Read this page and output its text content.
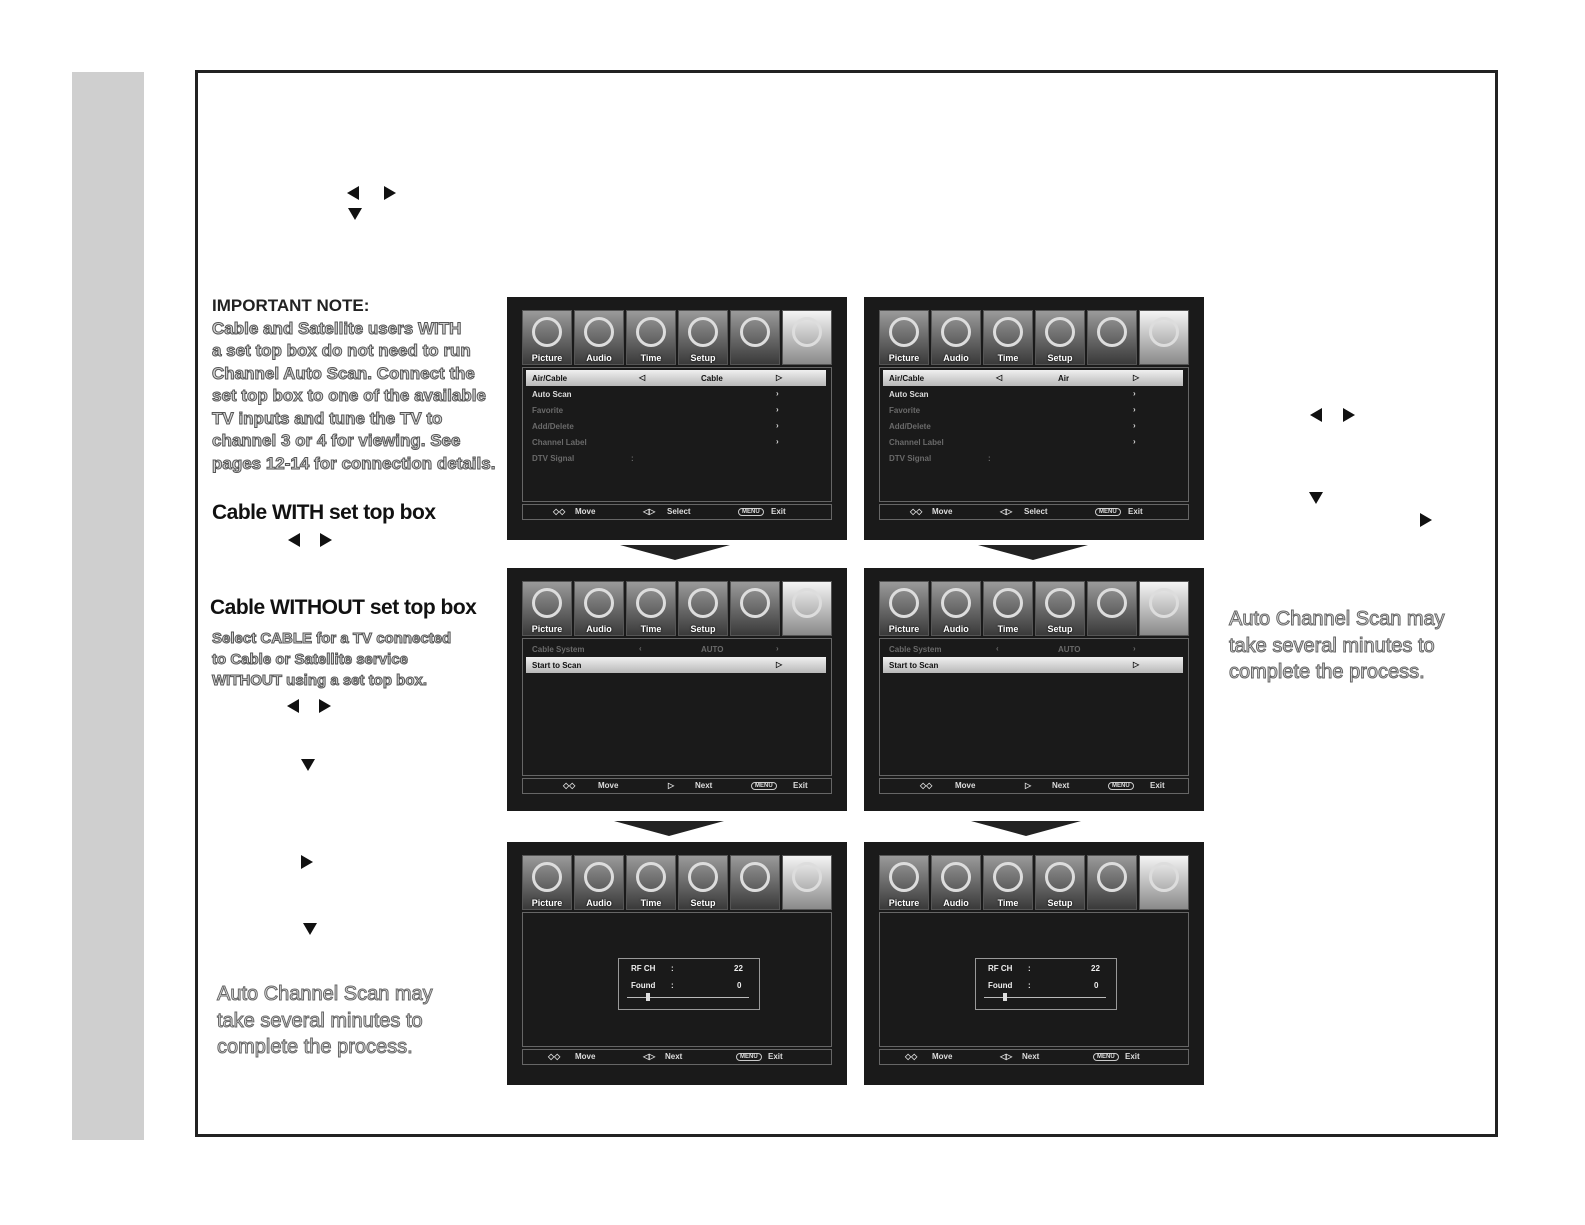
IMPORTANT NOTE:
Cable and Satellite users WITH
a set top box do not need to run
Channel Auto Scan. Connect the
set top box to one of the available
TV inputs and tune the TV to
channel 3 or 4 for viewing. See
pages 12-14 for connection details.
Cable WITH set top box
Cable WITHOUT set top box
Select CABLE for a TV connected
to Cable or Satellite service
WITHOUT using a set top box.
Auto Channel Scan may
take several minutes to
complete the process.
Auto Channel Scan may
take several minutes to
complete the process.
Picture	Audio	Time	Setup
Air/Cable	◁	Cable	▷
Auto Scan	›
Favorite	›
Add/Delete	›
Channel Label	›
DTV Signal	:
◇◇ Move	◁▷ Select	MENU	Exit
Picture	Audio	Time	Setup
Air/Cable	◁	Air	▷
Auto Scan	›
Favorite	›
Add/Delete	›
Channel Label	›
DTV Signal	:
◇◇ Move	◁▷ Select	MENU	Exit
Picture	Audio	Time	Setup
Cable System	‹	AUTO	›
Start to Scan	▷
◇◇	Move	▷	Next	MENU	Exit
Picture	Audio	Time	Setup
Cable System	‹	AUTO	›
Start to Scan	▷
◇◇	Move	▷	Next	MENU	Exit
Picture	Audio	Time	Setup
RF CH :	22
Found :	0
◇◇ Move	◁▷ Next	MENU	Exit
Picture	Audio	Time	Setup
RF CH :	22
Found :	0
◇◇ Move	◁▷ Next	MENU	Exit
